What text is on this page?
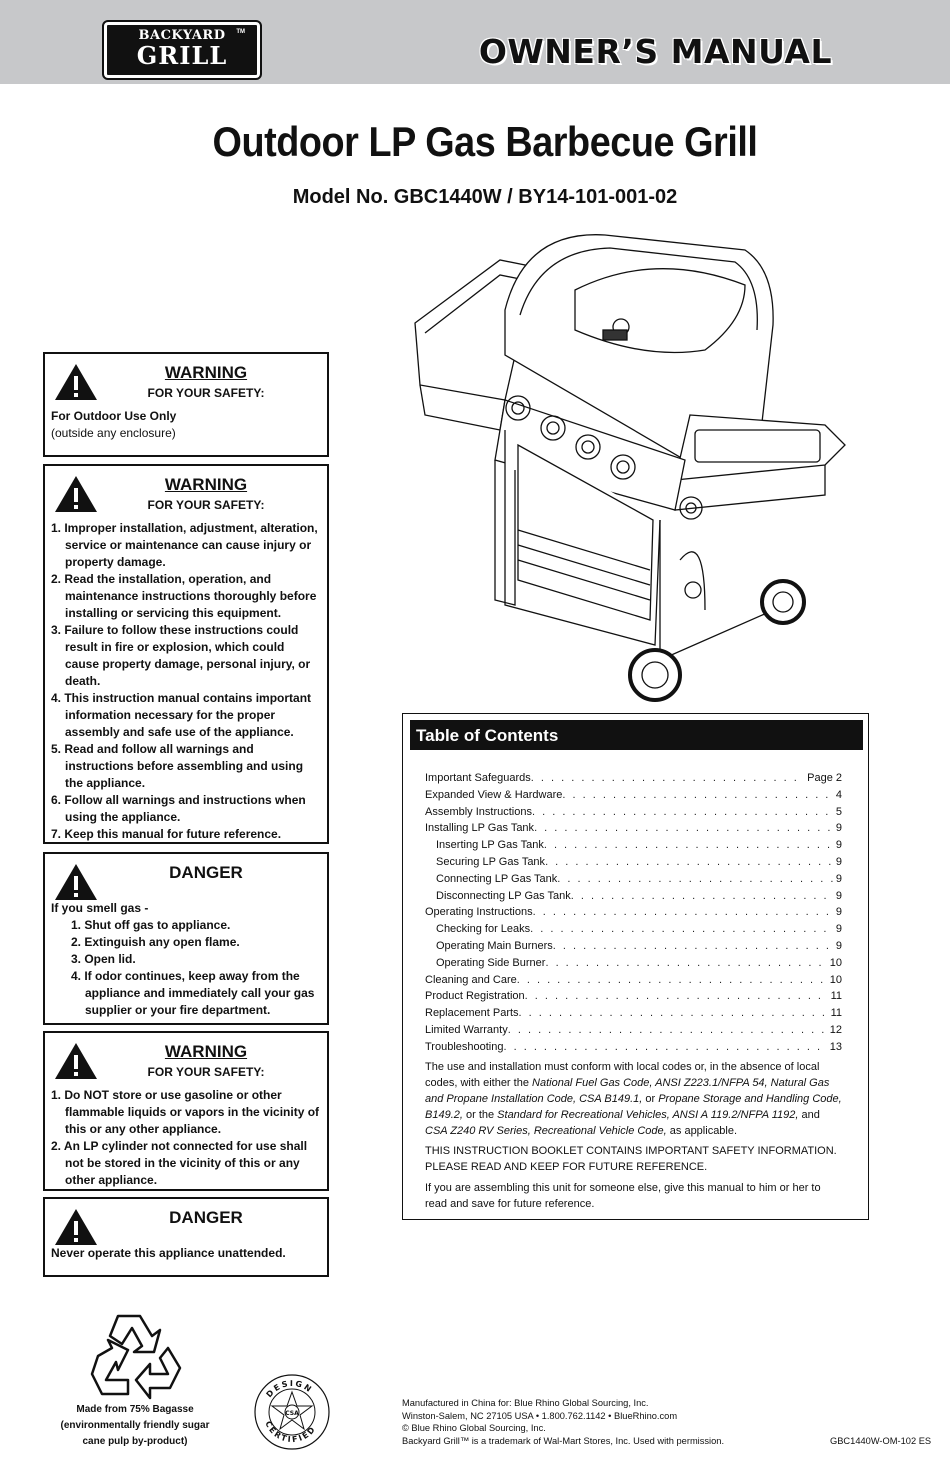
BACKYARD
GRILL
TM	OWNER’S MANUAL
Outdoor LP Gas Barbecue Grill
Model No. GBC1440W / BY14-101-001-02
WARNING
FOR YOUR SAFETY:
For Outdoor Use Only
(outside any enclosure)
WARNING
FOR YOUR SAFETY:
1. Improper installation, adjustment, alteration, service or maintenance can cause injury or property damage.
2. Read the installation, operation, and maintenance instructions thoroughly before installing or servicing this equipment.
3. Failure to follow these instructions could result in fire or explosion, which could cause property damage, personal injury, or death.
4. This instruction manual contains important information necessary for the proper assembly and safe use of the appliance.
5. Read and follow all warnings and instructions before assembling and using the appliance.
6. Follow all warnings and instructions when using the appliance.
7. Keep this manual for future reference.
DANGER
If you smell gas -
1. Shut off gas to appliance.
2. Extinguish any open flame.
3. Open lid.
4. If odor continues, keep away from the appliance and immediately call your gas supplier or your fire department.
WARNING
FOR YOUR SAFETY:
1. Do NOT store or use gasoline or other flammable liquids or vapors in the vicinity of this or any other appliance.
2. An LP cylinder not connected for use shall not be stored in the vicinity of this or any other appliance.
DANGER
Never operate this appliance unattended.
Table of Contents
Important Safeguards . . .	Page 2
Expanded View & Hardware . . .	4
Assembly Instructions . . .	5
Installing LP Gas Tank . . .	9
Inserting LP Gas Tank . . .	9
Securing LP Gas Tank . . .	9
Connecting LP Gas Tank . . .	9
Disconnecting LP Gas Tank . . .	9
Operating Instructions . . .	9
Checking for Leaks . . .	9
Operating Main Burners . . .	9
Operating Side Burner . . .	10
Cleaning and Care . . .	10
Product Registration . . .	11
Replacement Parts . . .	11
Limited Warranty . . .	12
Troubleshooting . . .	13
The use and installation must conform with local codes or, in the absence of local codes, with either the National Fuel Gas Code, ANSI Z223.1/NFPA 54, Natural Gas and Propane Installation Code, CSA B149.1, or Propane Storage and Handling Code, B149.2, or the Standard for Recreational Vehicles, ANSI A 119.2/NFPA 1192, and CSA Z240 RV Series, Recreational Vehicle Code, as applicable.
THIS INSTRUCTION BOOKLET CONTAINS IMPORTANT SAFETY INFORMATION. PLEASE READ AND KEEP FOR FUTURE REFERENCE.
If you are assembling this unit for someone else, give this manual to him or her to read and save for future reference.
Made from 75% Bagasse
(environmentally friendly sugar cane pulp by-product)
DESIGN
CERTIFIED
CSA
Manufactured in China for: Blue Rhino Global Sourcing, Inc.
Winston-Salem, NC 27105 USA • 1.800.762.1142 • BlueRhino.com
© Blue Rhino Global Sourcing, Inc.
Backyard Grill™ is a trademark of Wal-Mart Stores, Inc. Used with permission.	GBC1440W-OM-102 ES
